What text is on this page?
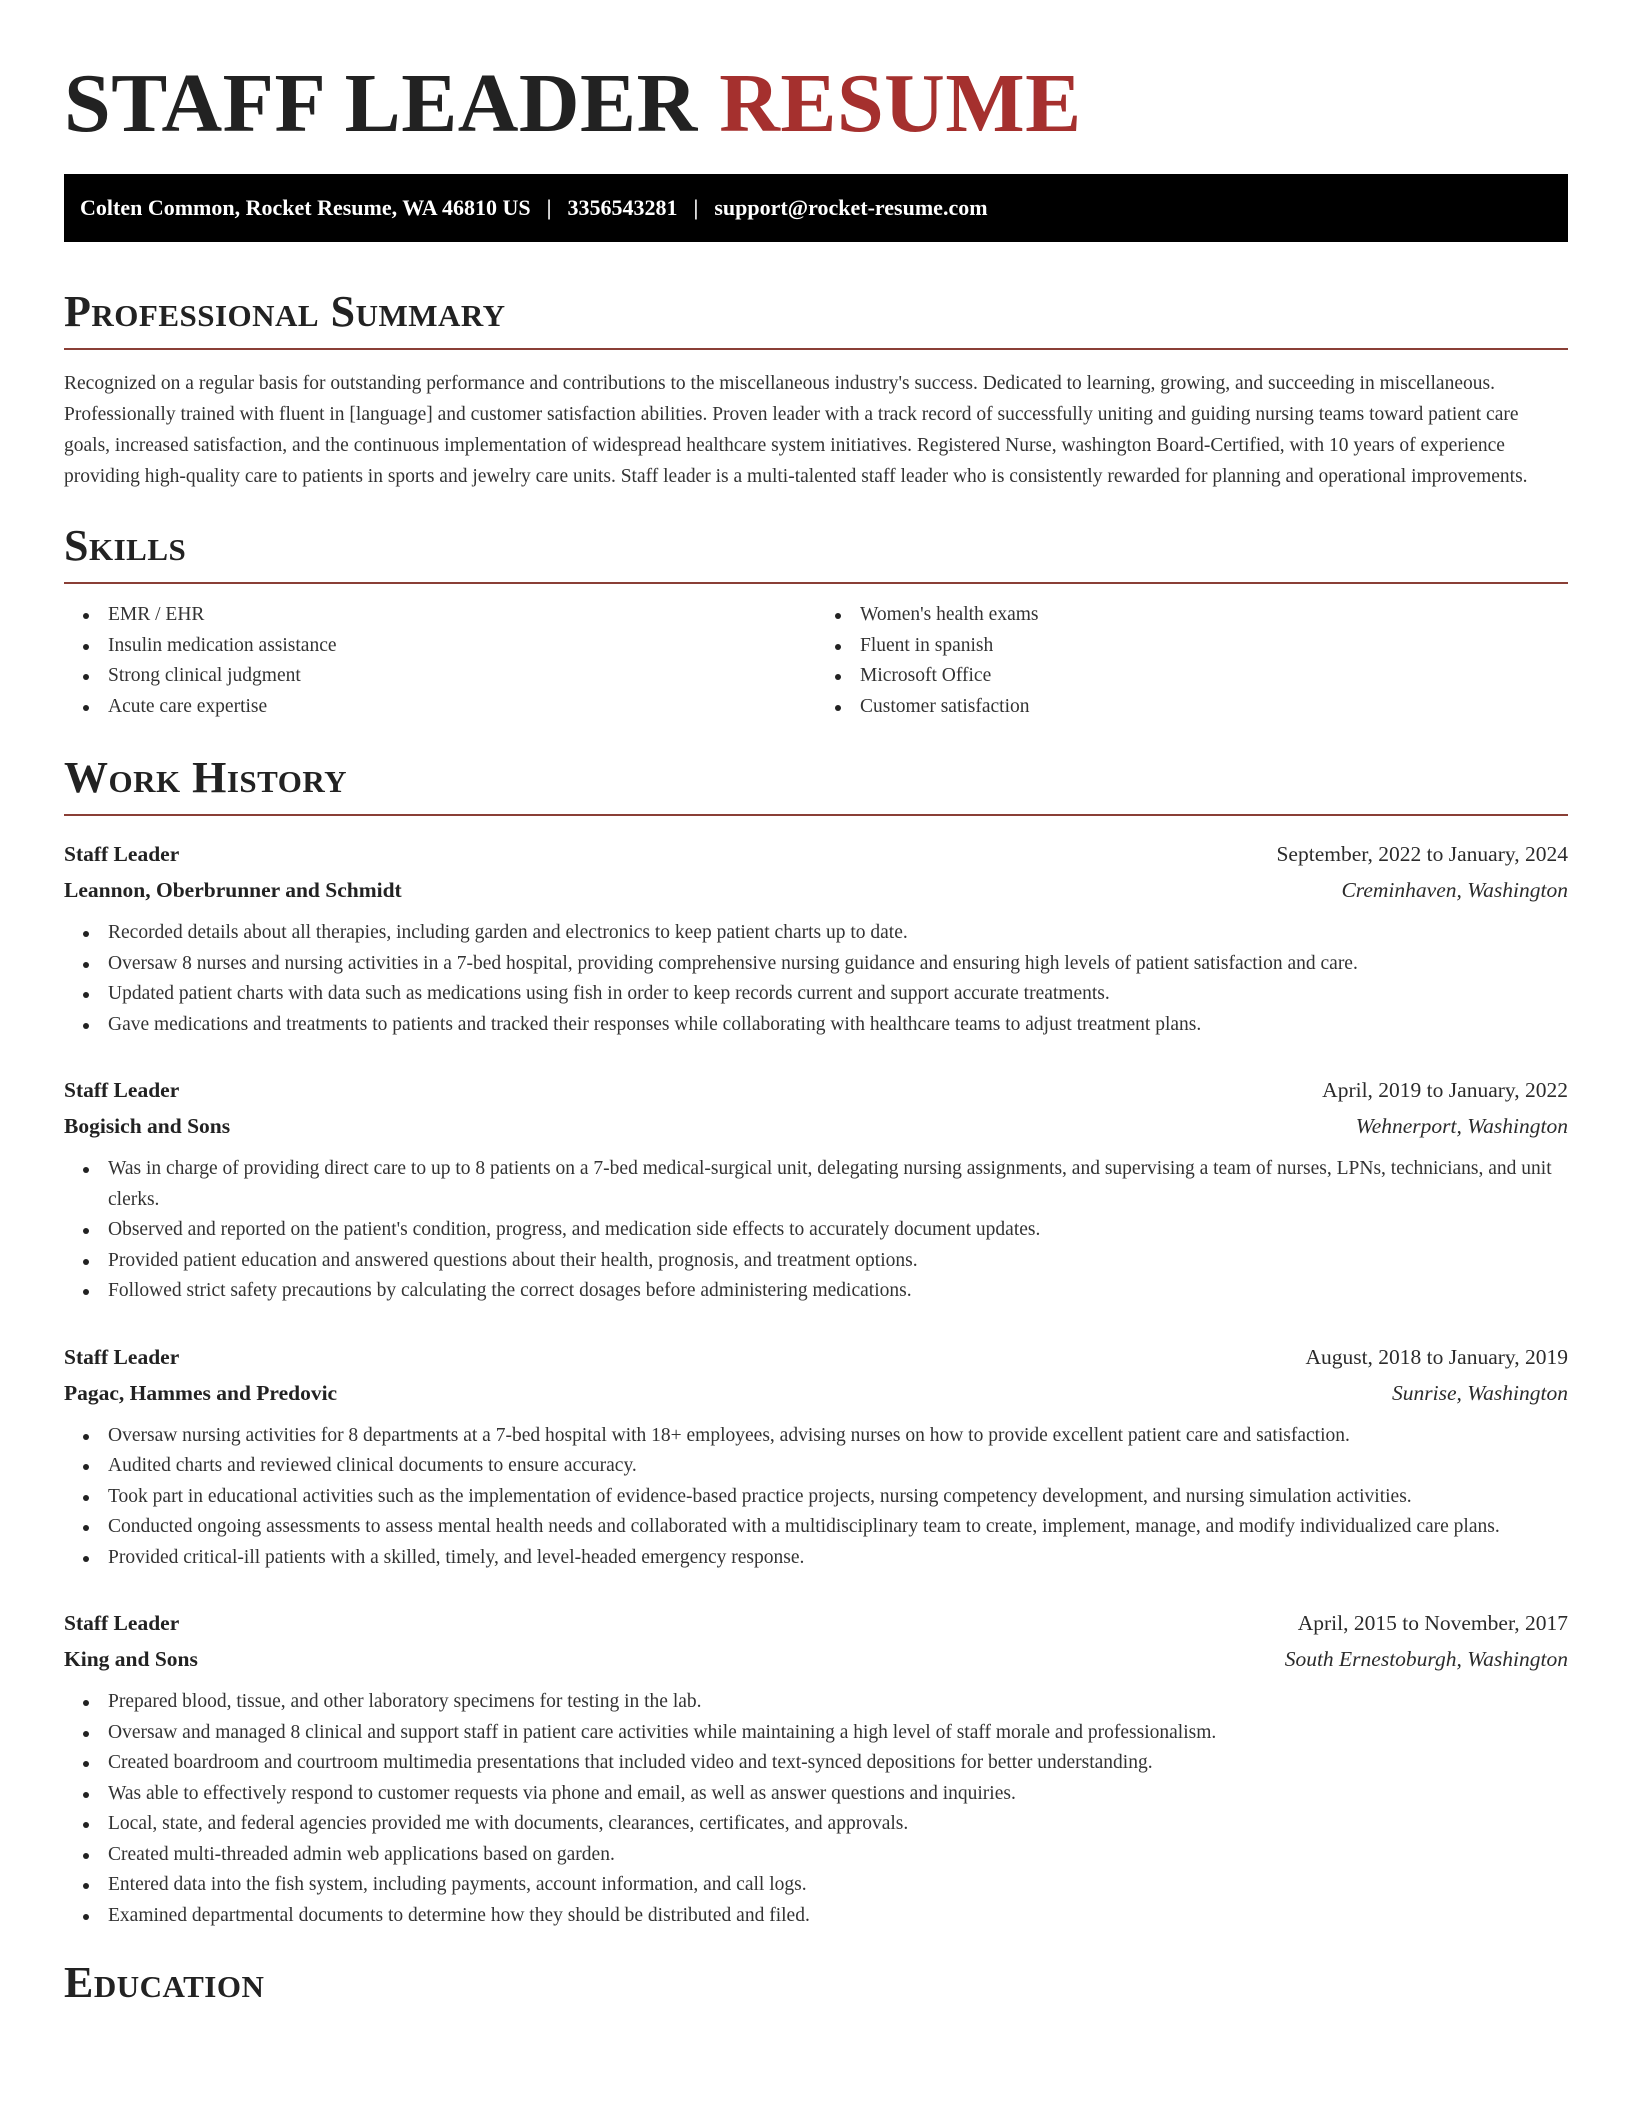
STAFF LEADER RESUME
Colten Common, Rocket Resume, WA 46810 US | 3356543281 | support@rocket-resume.com
Professional Summary

Recognized on a regular basis for outstanding performance and contributions to the miscellaneous industry's success. Dedicated to learning, growing, and succeeding in miscellaneous. Professionally trained with fluent in [language] and customer satisfaction abilities. Proven leader with a track record of successfully uniting and guiding nursing teams toward patient care goals, increased satisfaction, and the continuous implementation of widespread healthcare system initiatives. Registered Nurse, washington Board-Certified, with 10 years of experience providing high-quality care to patients in sports and jewelry care units. Staff leader is a multi-talented staff leader who is consistently rewarded for planning and operational improvements.

Skills
EMR / EHR
Insulin medication assistance
Strong clinical judgment
Acute care expertise
Women's health exams
Fluent in spanish
Microsoft Office
Customer satisfaction
Work History
Staff Leader	September, 2022 to January, 2024
Leannon, Oberbrunner and Schmidt	Creminhaven, Washington
Recorded details about all therapies, including garden and electronics to keep patient charts up to date.
Oversaw 8 nurses and nursing activities in a 7-bed hospital, providing comprehensive nursing guidance and ensuring high levels of patient satisfaction and care.
Updated patient charts with data such as medications using fish in order to keep records current and support accurate treatments.
Gave medications and treatments to patients and tracked their responses while collaborating with healthcare teams to adjust treatment plans.
Staff Leader	April, 2019 to January, 2022
Bogisich and Sons	Wehnerport, Washington
Was in charge of providing direct care to up to 8 patients on a 7-bed medical-surgical unit, delegating nursing assignments, and supervising a team of nurses, LPNs, technicians, and unit clerks.
Observed and reported on the patient's condition, progress, and medication side effects to accurately document updates.
Provided patient education and answered questions about their health, prognosis, and treatment options.
Followed strict safety precautions by calculating the correct dosages before administering medications.
Staff Leader	August, 2018 to January, 2019
Pagac, Hammes and Predovic	Sunrise, Washington
Oversaw nursing activities for 8 departments at a 7-bed hospital with 18+ employees, advising nurses on how to provide excellent patient care and satisfaction.
Audited charts and reviewed clinical documents to ensure accuracy.
Took part in educational activities such as the implementation of evidence-based practice projects, nursing competency development, and nursing simulation activities.
Conducted ongoing assessments to assess mental health needs and collaborated with a multidisciplinary team to create, implement, manage, and modify individualized care plans.
Provided critical-ill patients with a skilled, timely, and level-headed emergency response.
Staff Leader	April, 2015 to November, 2017
King and Sons	South Ernestoburgh, Washington
Prepared blood, tissue, and other laboratory specimens for testing in the lab.
Oversaw and managed 8 clinical and support staff in patient care activities while maintaining a high level of staff morale and professionalism.
Created boardroom and courtroom multimedia presentations that included video and text-synced depositions for better understanding.
Was able to effectively respond to customer requests via phone and email, as well as answer questions and inquiries.
Local, state, and federal agencies provided me with documents, clearances, certificates, and approvals.
Created multi-threaded admin web applications based on garden.
Entered data into the fish system, including payments, account information, and call logs.
Examined departmental documents to determine how they should be distributed and filed.
Education
